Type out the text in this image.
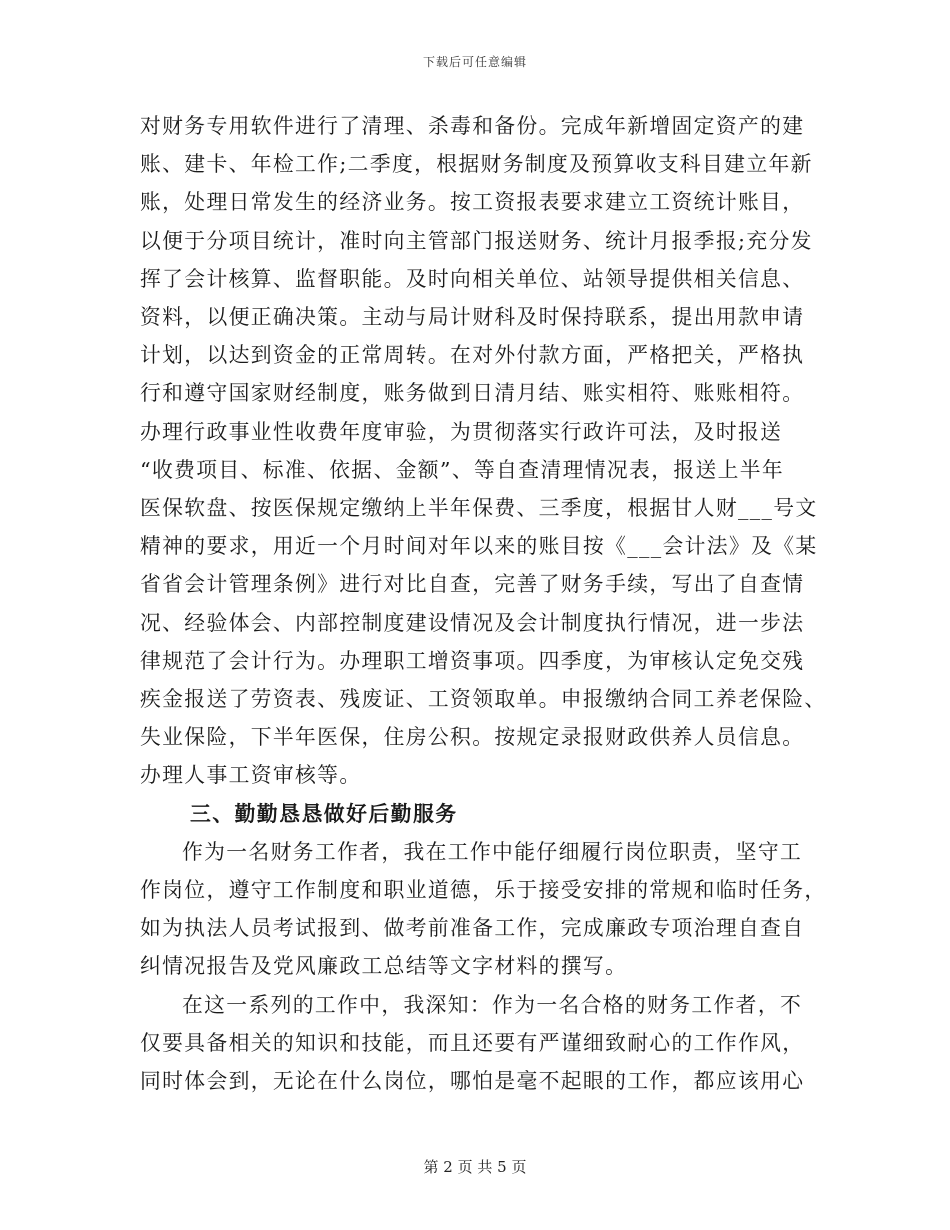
下载后可任意编辑
对财务专用软件进行了清理、杀毒和备份。完成年新增固定资产的建
账、建卡、年检工作;二季度，根据财务制度及预算收支科目建立年新
账，处理日常发生的经济业务。按工资报表要求建立工资统计账目，
以便于分项目统计，准时向主管部门报送财务、统计月报季报;充分发
挥了会计核算、监督职能。及时向相关单位、站领导提供相关信息、
资料，以便正确决策。主动与局计财科及时保持联系，提出用款申请
计划，以达到资金的正常周转。在对外付款方面，严格把关，严格执
行和遵守国家财经制度，账务做到日清月结、账实相符、账账相符。
办理行政事业性收费年度审验，为贯彻落实行政许可法，及时报送
“收费项目、标准、依据、金额”、等自查清理情况表，报送上半年
医保软盘、按医保规定缴纳上半年保费、三季度，根据甘人财___号文
精神的要求，用近一个月时间对年以来的账目按《___会计法》及《某
省省会计管理条例》进行对比自查，完善了财务手续，写出了自查情
况、经验体会、内部控制度建设情况及会计制度执行情况，进一步法
律规范了会计行为。办理职工增资事项。四季度，为审核认定免交残
疾金报送了劳资表、残废证、工资领取单。申报缴纳合同工养老保险、
失业保险，下半年医保，住房公积。按规定录报财政供养人员信息。
办理人事工资审核等。
三、勤勤恳恳做好后勤服务
作为一名财务工作者，我在工作中能仔细履行岗位职责，坚守工
作岗位，遵守工作制度和职业道德，乐于接受安排的常规和临时任务，
如为执法人员考试报到、做考前准备工作，完成廉政专项治理自查自
纠情况报告及党风廉政工总结等文字材料的撰写。
在这一系列的工作中，我深知：作为一名合格的财务工作者，不
仅要具备相关的知识和技能，而且还要有严谨细致耐心的工作作风，
同时体会到，无论在什么岗位，哪怕是毫不起眼的工作，都应该用心
第 2 页 共 5 页
